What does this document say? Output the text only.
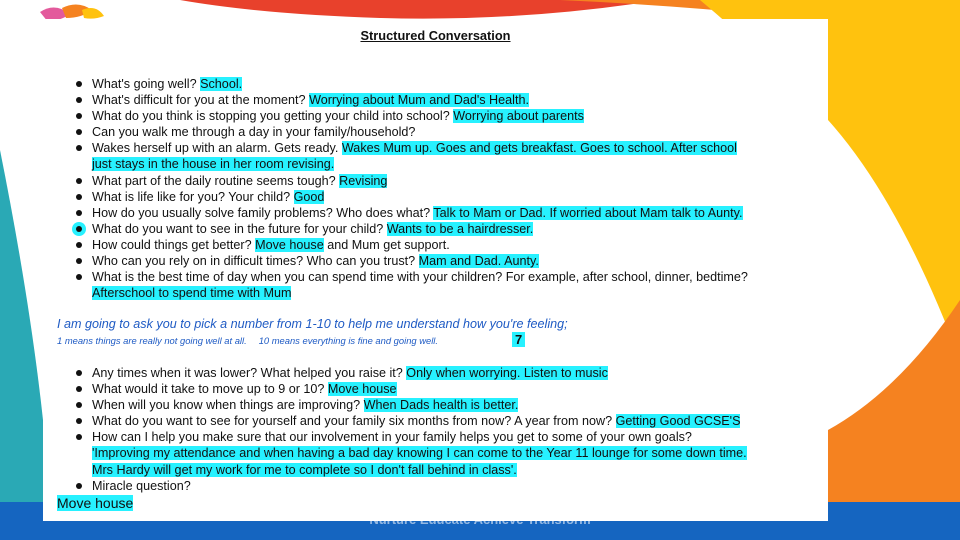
Structured Conversation
What's going well? School.
What's difficult for you at the moment? Worrying about Mum and Dad's Health.
What do you think is stopping you getting your child into school? Worrying about parents
Can you walk me through a day in your family/household?
Wakes herself up with an alarm. Gets ready. Wakes Mum up. Goes and gets breakfast. Goes to school. After school
just stays in the house in her room revising.
What part of the daily routine seems tough? Revising
What is life like for you? Your child? Good
How do you usually solve family problems? Who does what? Talk to Mam or Dad. If worried about Mam talk to Aunty.
What do you want to see in the future for your child? Wants to be a hairdresser.
How could things get better? Move house and Mum get support.
Who can you rely on in difficult times? Who can you trust? Mam and Dad. Aunty.
What is the best time of day when you can spend time with your children? For example, after school, dinner, bedtime?
Afterschool to spend time with Mum
I am going to ask you to pick a number from 1-10 to help me understand how you're feeling;
1 means things are really not going well at all. 10 means everything is fine and going well.	7
Any times when it was lower? What helped you raise it? Only when worrying. Listen to music
What would it take to move up to 9 or 10? Move house
When will you know when things are improving? When Dads health is better.
What do you want to see for yourself and your family six months from now? A year from now? Getting Good GCSE'S
How can I help you make sure that our involvement in your family helps you get to some of your own goals?
'Improving my attendance and when having a bad day knowing I can come to the Year 11 lounge for some down time.
Mrs Hardy will get my work for me to complete so I don't fall behind in class'.
Miracle question?
Move house
